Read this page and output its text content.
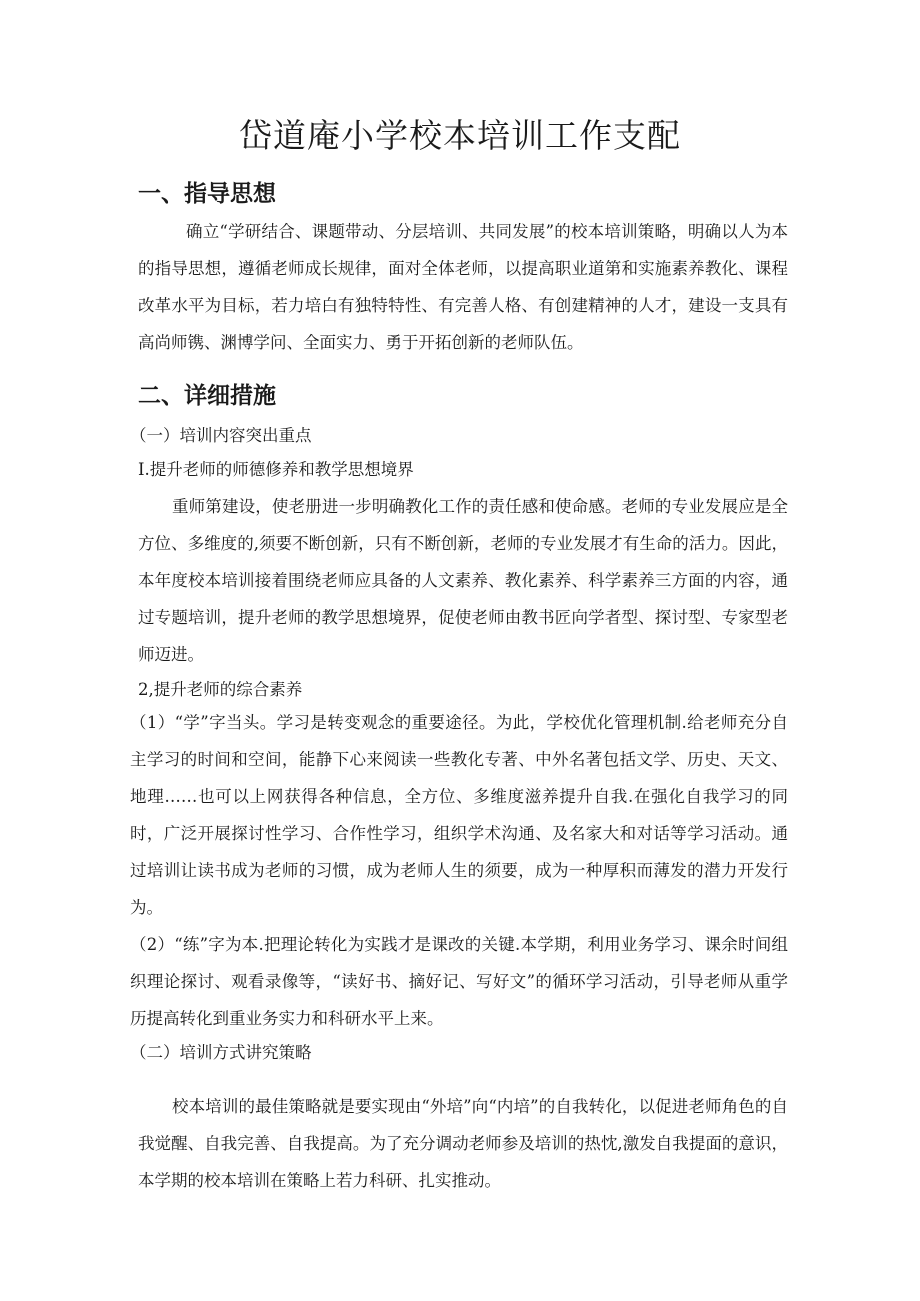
岱道庵小学校本培训工作支配
一、指导思想

确立“学研结合、课题带动、分层培训、共同发展”的校本培训策略，明确以人为本的指导思想，遵循老师成长规律，面对全体老师，以提高职业道第和实施素养教化、课程改革水平为目标，若力培白有独特特性、有完善人格、有创建精神的人才，建设一支具有高尚师镌、渊博学问、全面实力、勇于开拓创新的老师队伍。

二、详细措施

（一）培训内容突出重点

I.提升老师的师德修养和教学思想境界

重师第建设，使老册进一步明确教化工作的责任感和使命感。老师的专业发展应是全方位、多维度的,须要不断创新，只有不断创新，老师的专业发展才有生命的活力。因此，本年度校本培训接着围绕老师应具备的人文素养、教化素养、科学素养三方面的内容，通过专题培训，提升老师的教学思想境界，促使老师由教书匠向学者型、探讨型、专家型老师迈进。

2,提升老师的综合素养

（1）“学”字当头。学习是转变观念的重要途径。为此，学校优化管理机制.给老师充分自主学习的时间和空间，能静下心来阅读一些教化专著、中外名著包括文学、历史、天文、地理……也可以上网获得各种信息，全方位、多维度滋养提升自我.在强化自我学习的同时，广泛开展探讨性学习、合作性学习，组织学术沟通、及名家大和对话等学习活动。通过培训让读书成为老师的习惯，成为老师人生的须要，成为一种厚积而薄发的潜力开发行为。

（2）“练”字为本.把理论转化为实践才是课改的关键.本学期，利用业务学习、课余时间组织理论探讨、观看录像等，“读好书、摘好记、写好文”的循环学习活动，引导老师从重学历提高转化到重业务实力和科研水平上来。

（二）培训方式讲究策略

校本培训的最佳策略就是要实现由“外培”向“内培”的自我转化，以促进老师角色的自我觉醒、自我完善、自我提高。为了充分调动老师参及培训的热忱,激发自我提面的意识，本学期的校本培训在策略上若力科研、扎实推动。
